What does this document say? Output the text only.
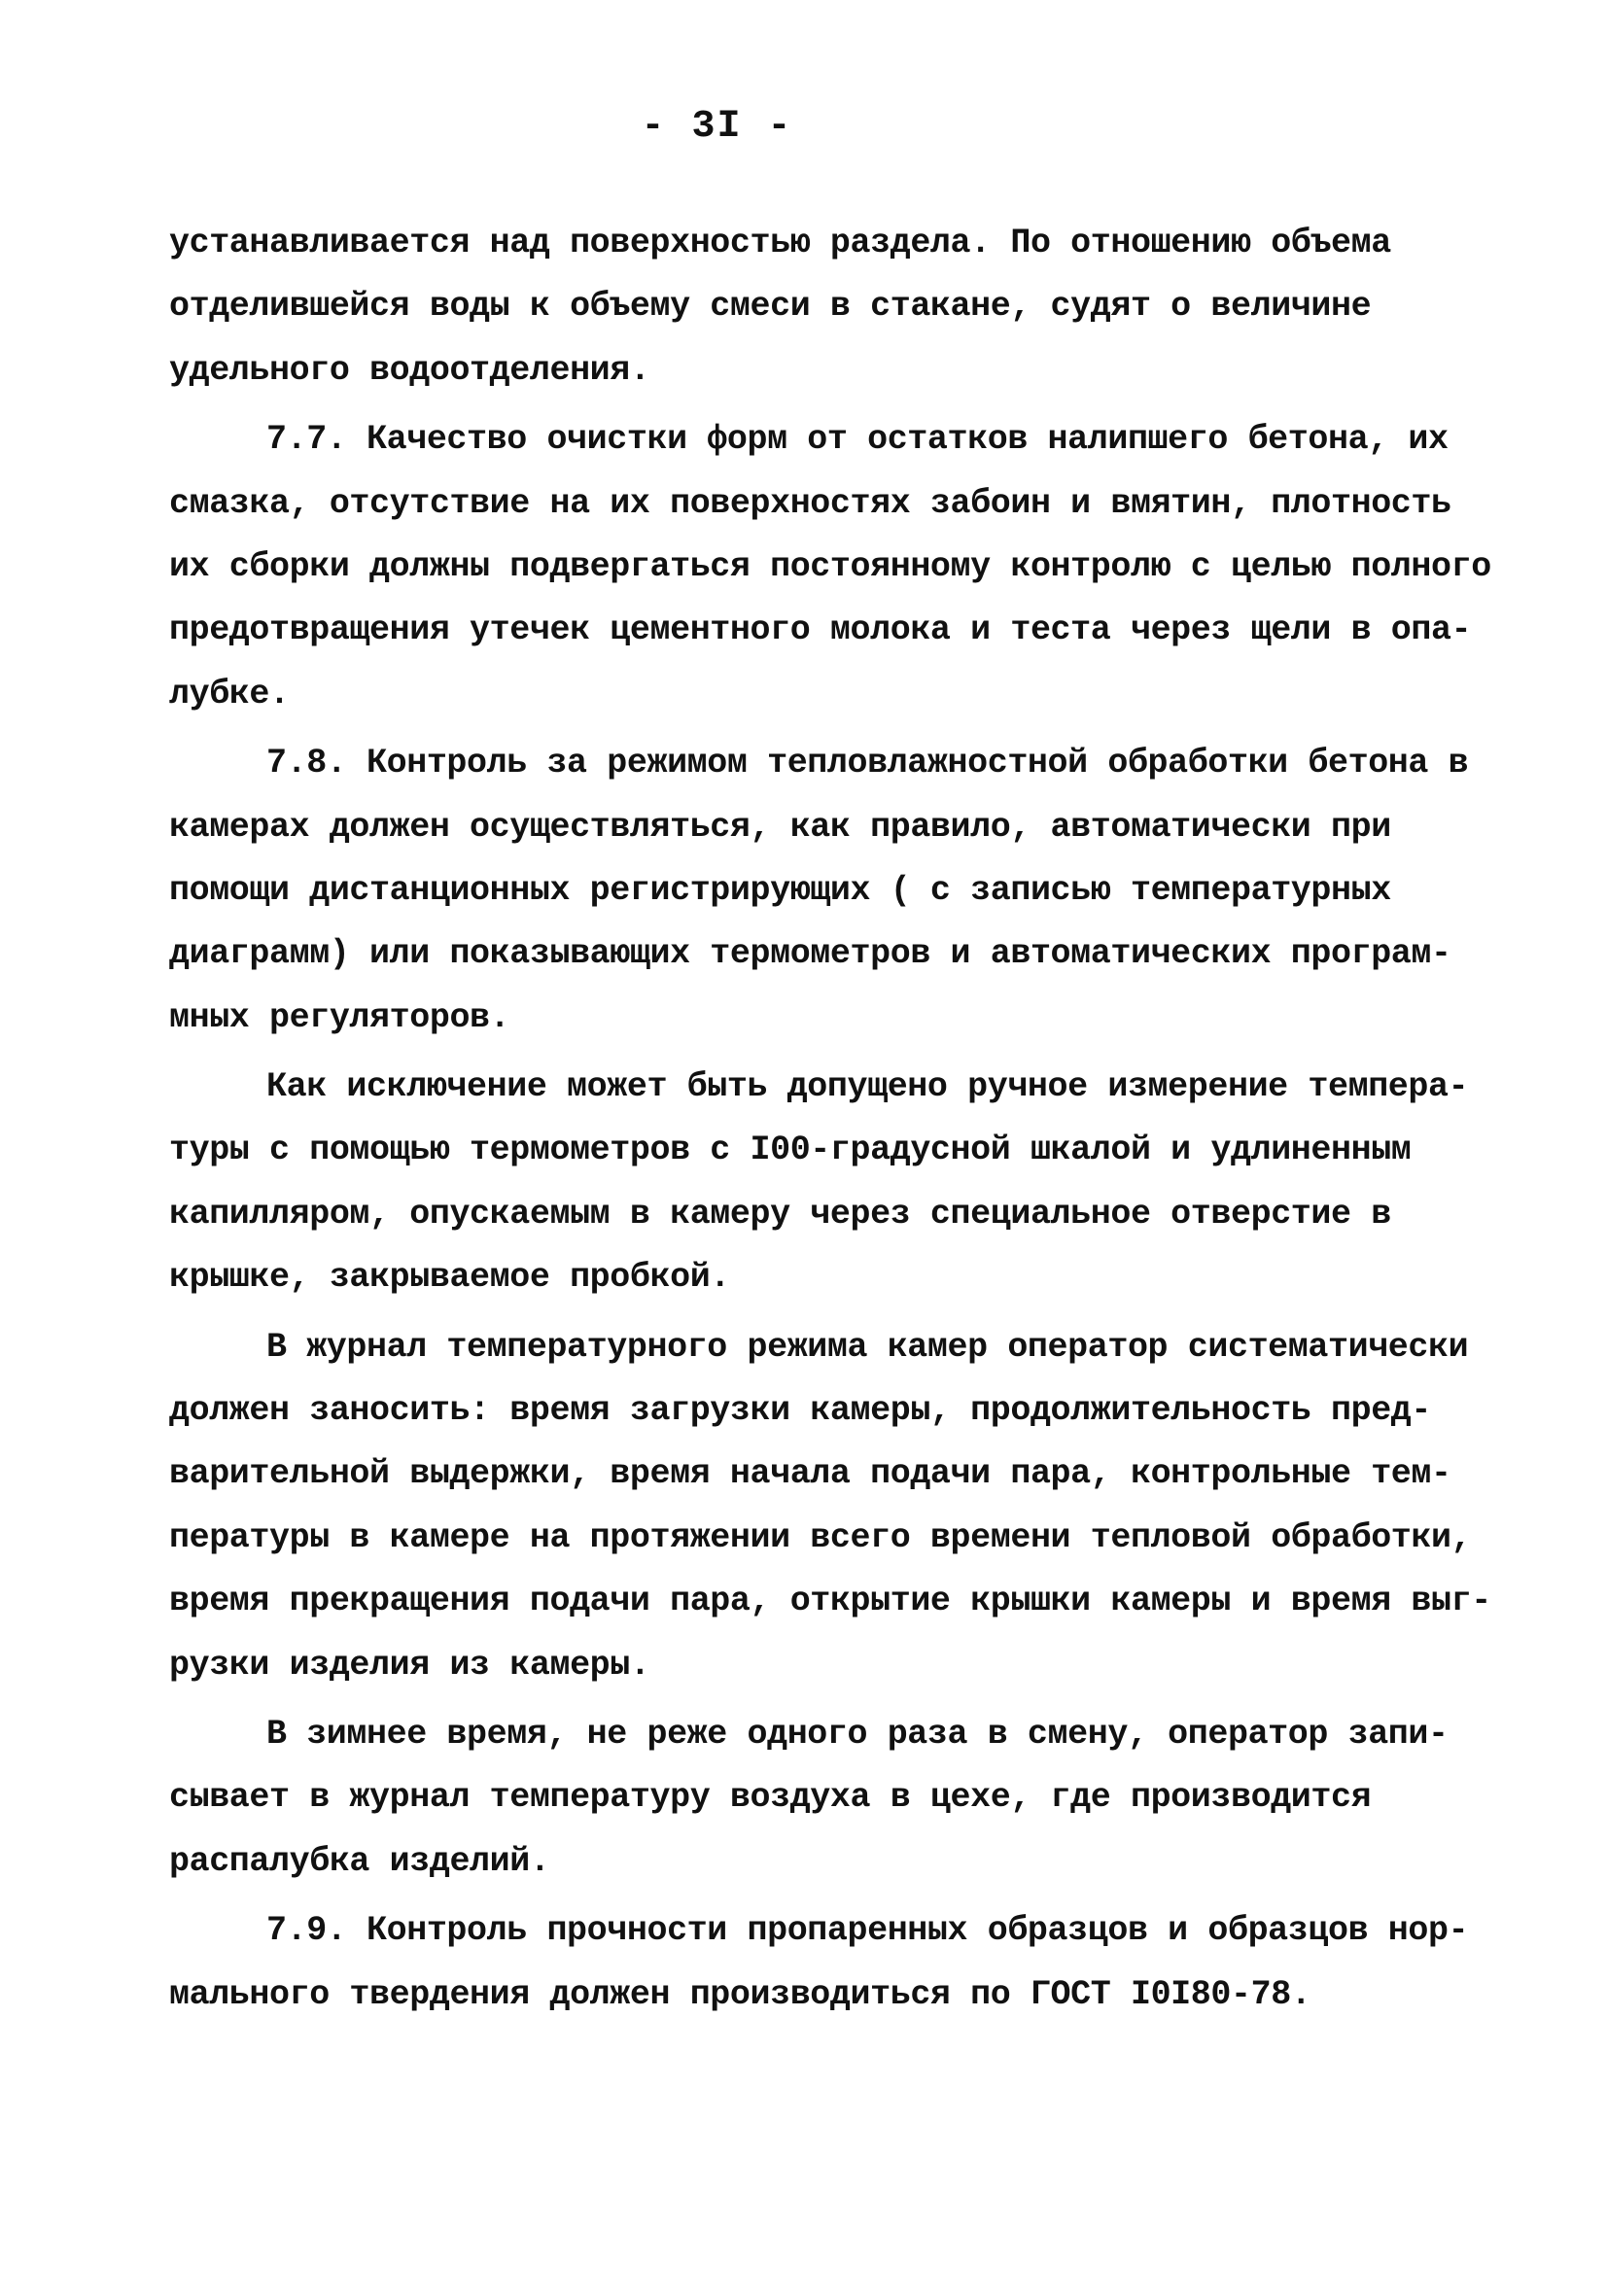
- 3I -
устанавливается над поверхностью раздела. По отношению объема
отделившейся воды к объему смеси в стакане, судят о величине
удельного водоотделения.
7.7. Качество очистки форм от остатков налипшего бетона, их
смазка, отсутствие на их поверхностях забоин и вмятин, плотность
их сборки должны подвергаться постоянному контролю с целью полного
предотвращения утечек цементного молока и теста через щели в опа-
лубке.
7.8. Контроль за режимом тепловлажностной обработки бетона в
камерах должен осуществляться, как правило, автоматически при
помощи дистанционных регистрирующих ( с записью температурных
диаграмм) или показывающих термометров и автоматических програм-
мных регуляторов.
Как исключение может быть допущено ручное измерение темпера-
туры с помощью термометров с I00-градусной шкалой и удлиненным
капилляром, опускаемым в камеру через специальное отверстие в
крышке, закрываемое пробкой.
В журнал температурного режима камер оператор систематически
должен заносить: время загрузки камеры, продолжительность пред-
варительной выдержки, время начала подачи пара, контрольные тем-
пературы в камере на протяжении всего времени тепловой обработки,
время прекращения подачи пара, открытие крышки камеры и время выг-
рузки изделия из камеры.
В зимнее время, не реже одного раза в смену, оператор запи-
сывает в журнал температуру воздуха в цехе, где производится
распалубка изделий.
7.9. Контроль прочности пропаренных образцов и образцов нор-
мального твердения должен производиться по ГОСТ I0I80-78.
